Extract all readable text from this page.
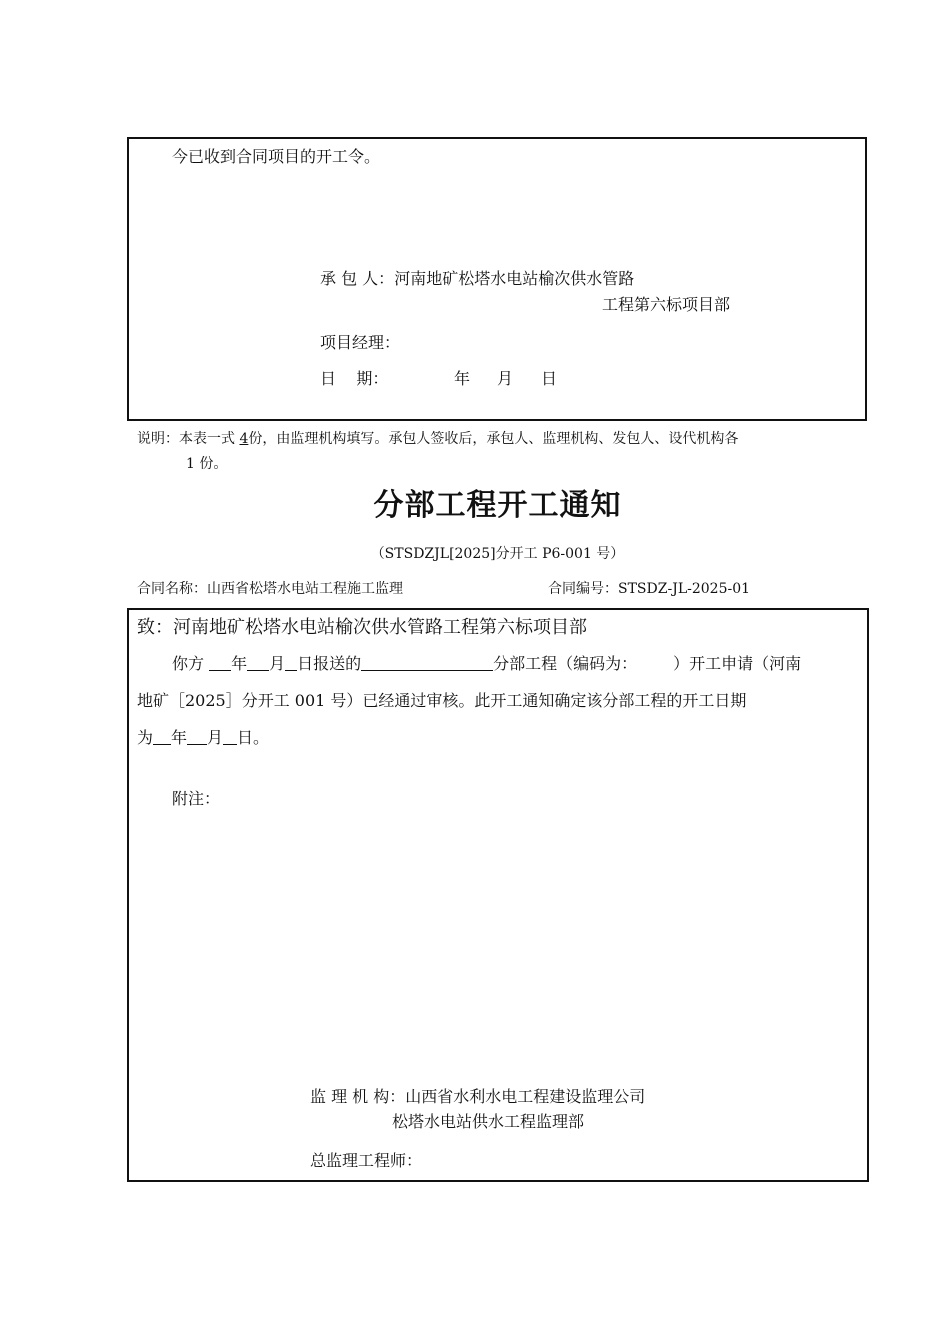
今已收到合同项目的开工令。
承 包 人：河南地矿松塔水电站榆次供水管路
工程第六标项目部
项目经理：
日    期：	年 月 日
说明：本表一式 4份，由监理机构填写。承包人签收后，承包人、监理机构、发包人、设代机构各
1 份。
分部工程开工通知
（STSDZJL[2025]分开工 P6-001 号）
合同名称：山西省松塔水电站工程施工监理	合同编号：STSDZ-JL-2025-01
致：河南地矿松塔水电站榆次供水管路工程第六标项目部
你方 年 月 日报送的	分部工程（编码为： ）开工申请（河南
地矿［2025］分开工 001 号）已经通过审核。此开工通知确定该分部工程的开工日期
为 年 月 日。
附注：
监 理 机 构：山西省水利水电工程建设监理公司
松塔水电站供水工程监理部
总监理工程师：
